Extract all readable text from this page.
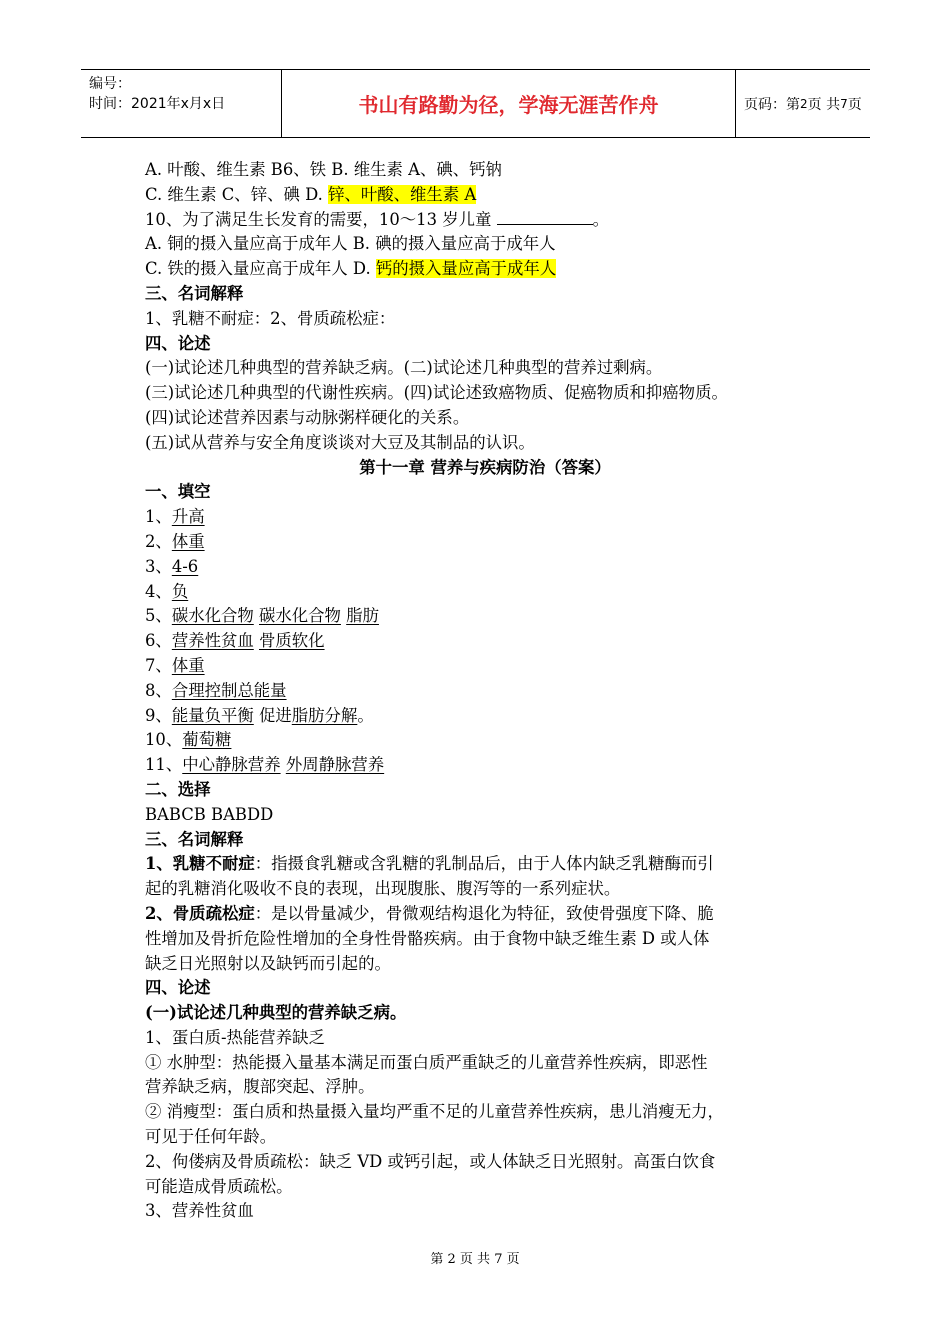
编号：
时间：2021年x月x日	书山有路勤为径，学海无涯苦作舟	页码：第 2 页 共 7 页
A. 叶酸、维生素 B6、铁 B. 维生素 A、碘、钙钠
C. 维生素 C、锌、碘 D. 锌、叶酸、维生素 A
10、为了满足生长发育的需要，10～13 岁儿童	。
A. 铜的摄入量应高于成年人 B. 碘的摄入量应高于成年人
C. 铁的摄入量应高于成年人 D. 钙的摄入量应高于成年人
三、名词解释
1、乳糖不耐症：2、骨质疏松症：
四、论述
(一)试论述几种典型的营养缺乏病。(二)试论述几种典型的营养过剩病。
(三)试论述几种典型的代谢性疾病。(四)试论述致癌物质、促癌物质和抑癌物质。
(四)试论述营养因素与动脉粥样硬化的关系。
(五)试从营养与安全角度谈谈对大豆及其制品的认识。
第十一章 营养与疾病防治（答案）
一、填空
1、升高
2、体重
3、4-6
4、负
5、碳水化合物 碳水化合物 脂肪
6、营养性贫血 骨质软化
7、体重
8、合理控制总能量
9、能量负平衡 促进脂肪分解。
10、葡萄糖
11、中心静脉营养 外周静脉营养
二、选择
BABCB BABDD
三、名词解释
1、乳糖不耐症：指摄食乳糖或含乳糖的乳制品后，由于人体内缺乏乳糖酶而引
起的乳糖消化吸收不良的表现，出现腹胀、腹泻等的一系列症状。
2、骨质疏松症：是以骨量减少，骨微观结构退化为特征，致使骨强度下降、脆
性增加及骨折危险性增加的全身性骨骼疾病。由于食物中缺乏维生素 D 或人体
缺乏日光照射以及缺钙而引起的。
四、论述
(一)试论述几种典型的营养缺乏病。
1、蛋白质-热能营养缺乏
① 水肿型：热能摄入量基本满足而蛋白质严重缺乏的儿童营养性疾病，即恶性
营养缺乏病，腹部突起、浮肿。
② 消瘦型：蛋白质和热量摄入量均严重不足的儿童营养性疾病，患儿消瘦无力，
可见于任何年龄。
2、佝偻病及骨质疏松：缺乏 VD 或钙引起，或人体缺乏日光照射。高蛋白饮食
可能造成骨质疏松。
3、营养性贫血
第 2 页 共 7 页
